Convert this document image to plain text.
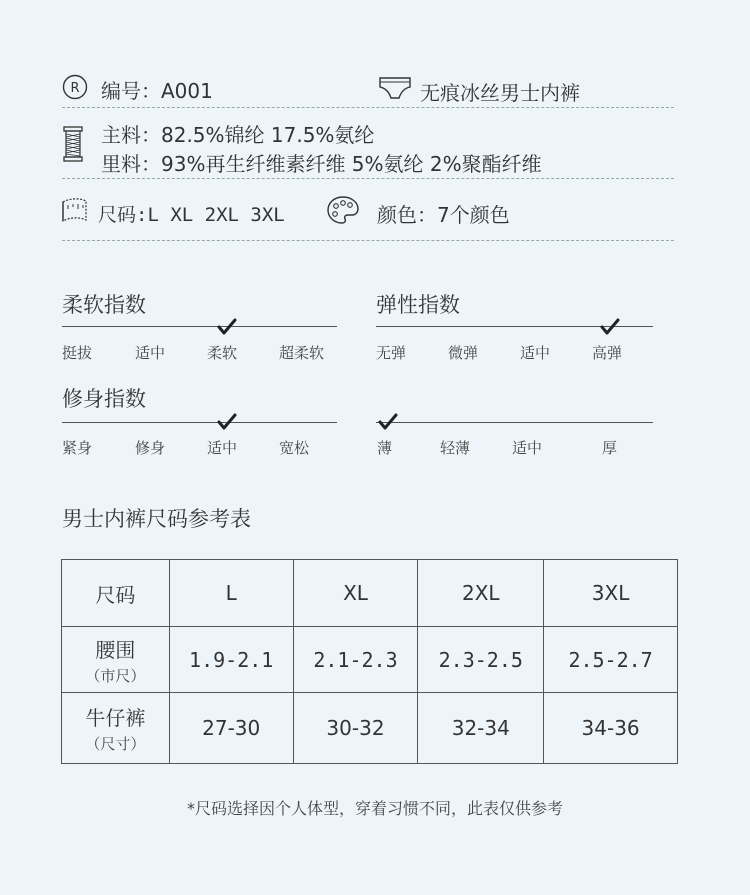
R 编号：A001	无痕冰丝男士内裤
主料：82.5%锦纶 17.5%氨纶
里料：93%再生纤维素纤维 5%氨纶 2%聚酯纤维
尺码:L XL 2XL 3XL	颜色：7个颜色
柔软指数
挺拔	适中	柔软	超柔软
弹性指数
无弹	微弹	适中	高弹
修身指数
紧身	修身	适中	宽松	薄	轻薄	适中	厚
男士内裤尺码参考表
尺码	L	XL	2XL	3XL
腰围
（市尺）	1.9-2.1	2.1-2.3	2.3-2.5	2.5-2.7
牛仔裤
（尺寸）	27-30	30-32	32-34	34-36
*尺码选择因个人体型，穿着习惯不同，此表仅供参考
